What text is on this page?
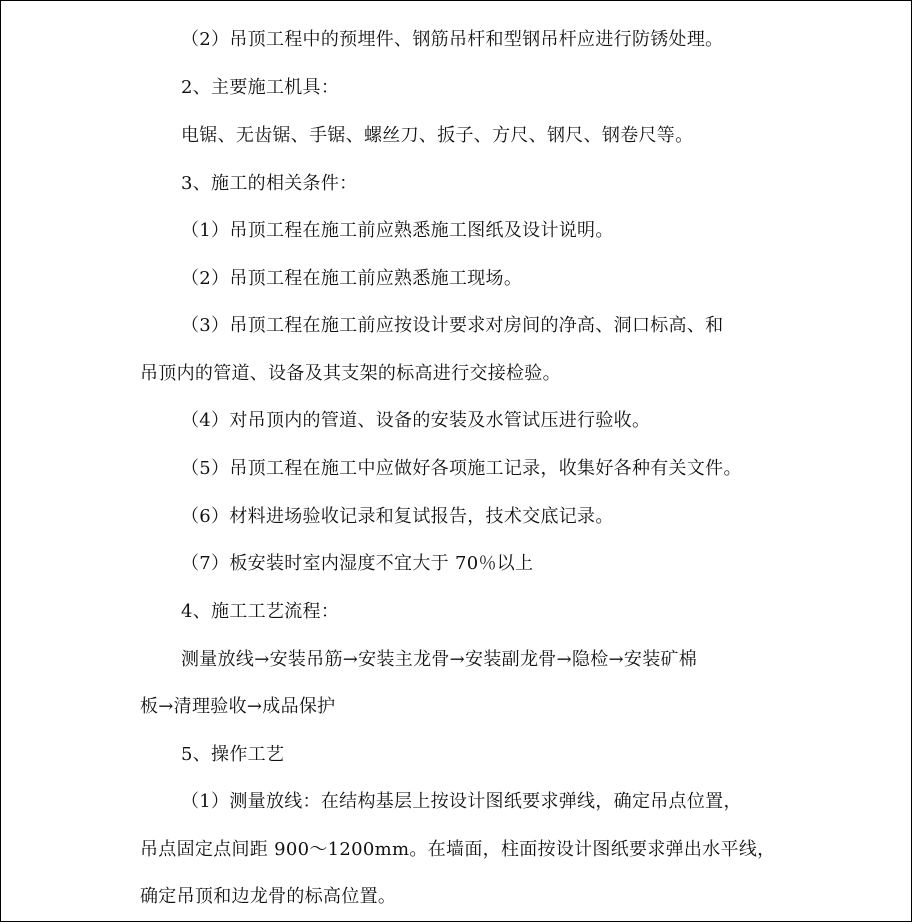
（2）吊顶工程中的预埋件、钢筋吊杆和型钢吊杆应进行防锈处理。
2、主要施工机具：
电锯、无齿锯、手锯、螺丝刀、扳子、方尺、钢尺、钢卷尺等。
3、施工的相关条件：
（1）吊顶工程在施工前应熟悉施工图纸及设计说明。
（2）吊顶工程在施工前应熟悉施工现场。
（3）吊顶工程在施工前应按设计要求对房间的净高、洞口标高、和
吊顶内的管道、设备及其支架的标高进行交接检验。
（4）对吊顶内的管道、设备的安装及水管试压进行验收。
（5）吊顶工程在施工中应做好各项施工记录，收集好各种有关文件。
（6）材料进场验收记录和复试报告，技术交底记录。
（7）板安装时室内湿度不宜大于 70％以上
4、施工工艺流程：
测量放线→安装吊筋→安装主龙骨→安装副龙骨→隐检→安装矿棉
板→清理验收→成品保护
5、操作工艺
（1）测量放线：在结构基层上按设计图纸要求弹线，确定吊点位置，
吊点固定点间距 900～1200mm。在墙面，柱面按设计图纸要求弹出水平线，
确定吊顶和边龙骨的标高位置。
